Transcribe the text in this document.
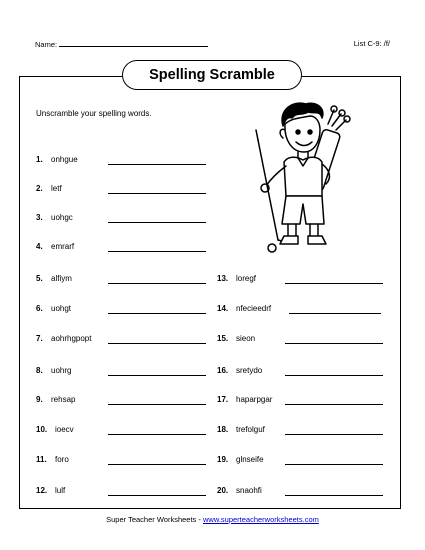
Name:	List C-9: /f/
Spelling Scramble
Unscramble your spelling words.
1. onhgue
2. letf
3. uohgc
4. emrarf
5. alfiym
6. uohgt
7. aohrhgpopt
8. uohrg
9. rehsap
10. ioecv
11. foro
12. lulf
13. loregf
14. nfecieedrf
15. sieon
16. sretydo
17. haparpgar
18. trefolguf
19. glnseife
20. snaohfi
Super Teacher Worksheets - www.superteacherworksheets.com
